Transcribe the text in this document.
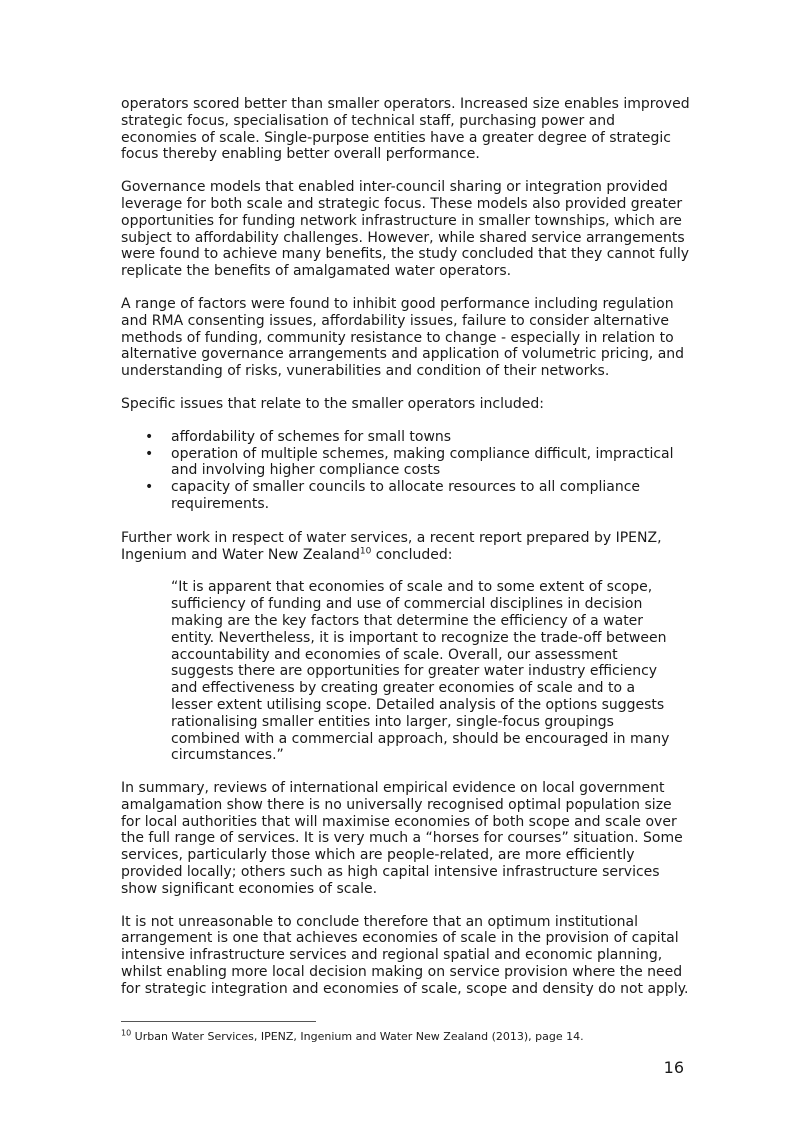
operators scored better than smaller operators. Increased size enables improved strategic focus, specialisation of technical staff, purchasing power and economies of scale. Single-purpose entities have a greater degree of strategic focus thereby enabling better overall performance.

Governance models that enabled inter-council sharing or integration provided leverage for both scale and strategic focus. These models also provided greater opportunities for funding network infrastructure in smaller townships, which are subject to affordability challenges. However, while shared service arrangements were found to achieve many benefits, the study concluded that they cannot fully replicate the benefits of amalgamated water operators.

A range of factors were found to inhibit good performance including regulation and RMA consenting issues, affordability issues, failure to consider alternative methods of funding, community resistance to change - especially in relation to alternative governance arrangements and application of volumetric pricing, and understanding of risks, vunerabilities and condition of their networks.

Specific issues that relate to the smaller operators included:

• affordability of schemes for small towns
• operation of multiple schemes, making compliance difficult, impractical and involving higher compliance costs
• capacity of smaller councils to allocate resources to all compliance requirements.

Further work in respect of water services, a recent report prepared by IPENZ, Ingenium and Water New Zealand$^{10}$ concluded:

“It is apparent that economies of scale and to some extent of scope, sufficiency of funding and use of commercial disciplines in decision making are the key factors that determine the efficiency of a water entity. Nevertheless, it is important to recognize the trade-off between accountability and economies of scale. Overall, our assessment suggests there are opportunities for greater water industry efficiency and effectiveness by creating greater economies of scale and to a lesser extent utilising scope. Detailed analysis of the options suggests rationalising smaller entities into larger, single-focus groupings combined with a commercial approach, should be encouraged in many circumstances.”

In summary, reviews of international empirical evidence on local government amalgamation show there is no universally recognised optimal population size for local authorities that will maximise economies of both scope and scale over the full range of services. It is very much a “horses for courses” situation. Some services, particularly those which are people-related, are more efficiently provided locally; others such as high capital intensive infrastructure services show significant economies of scale.

It is not unreasonable to conclude therefore that an optimum institutional arrangement is one that achieves economies of scale in the provision of capital intensive infrastructure services and regional spatial and economic planning, whilst enabling more local decision making on service provision where the need for strategic integration and economies of scale, scope and density do not apply.

$^{10}$ Urban Water Services, IPENZ, Ingenium and Water New Zealand (2013), page 14.

16
